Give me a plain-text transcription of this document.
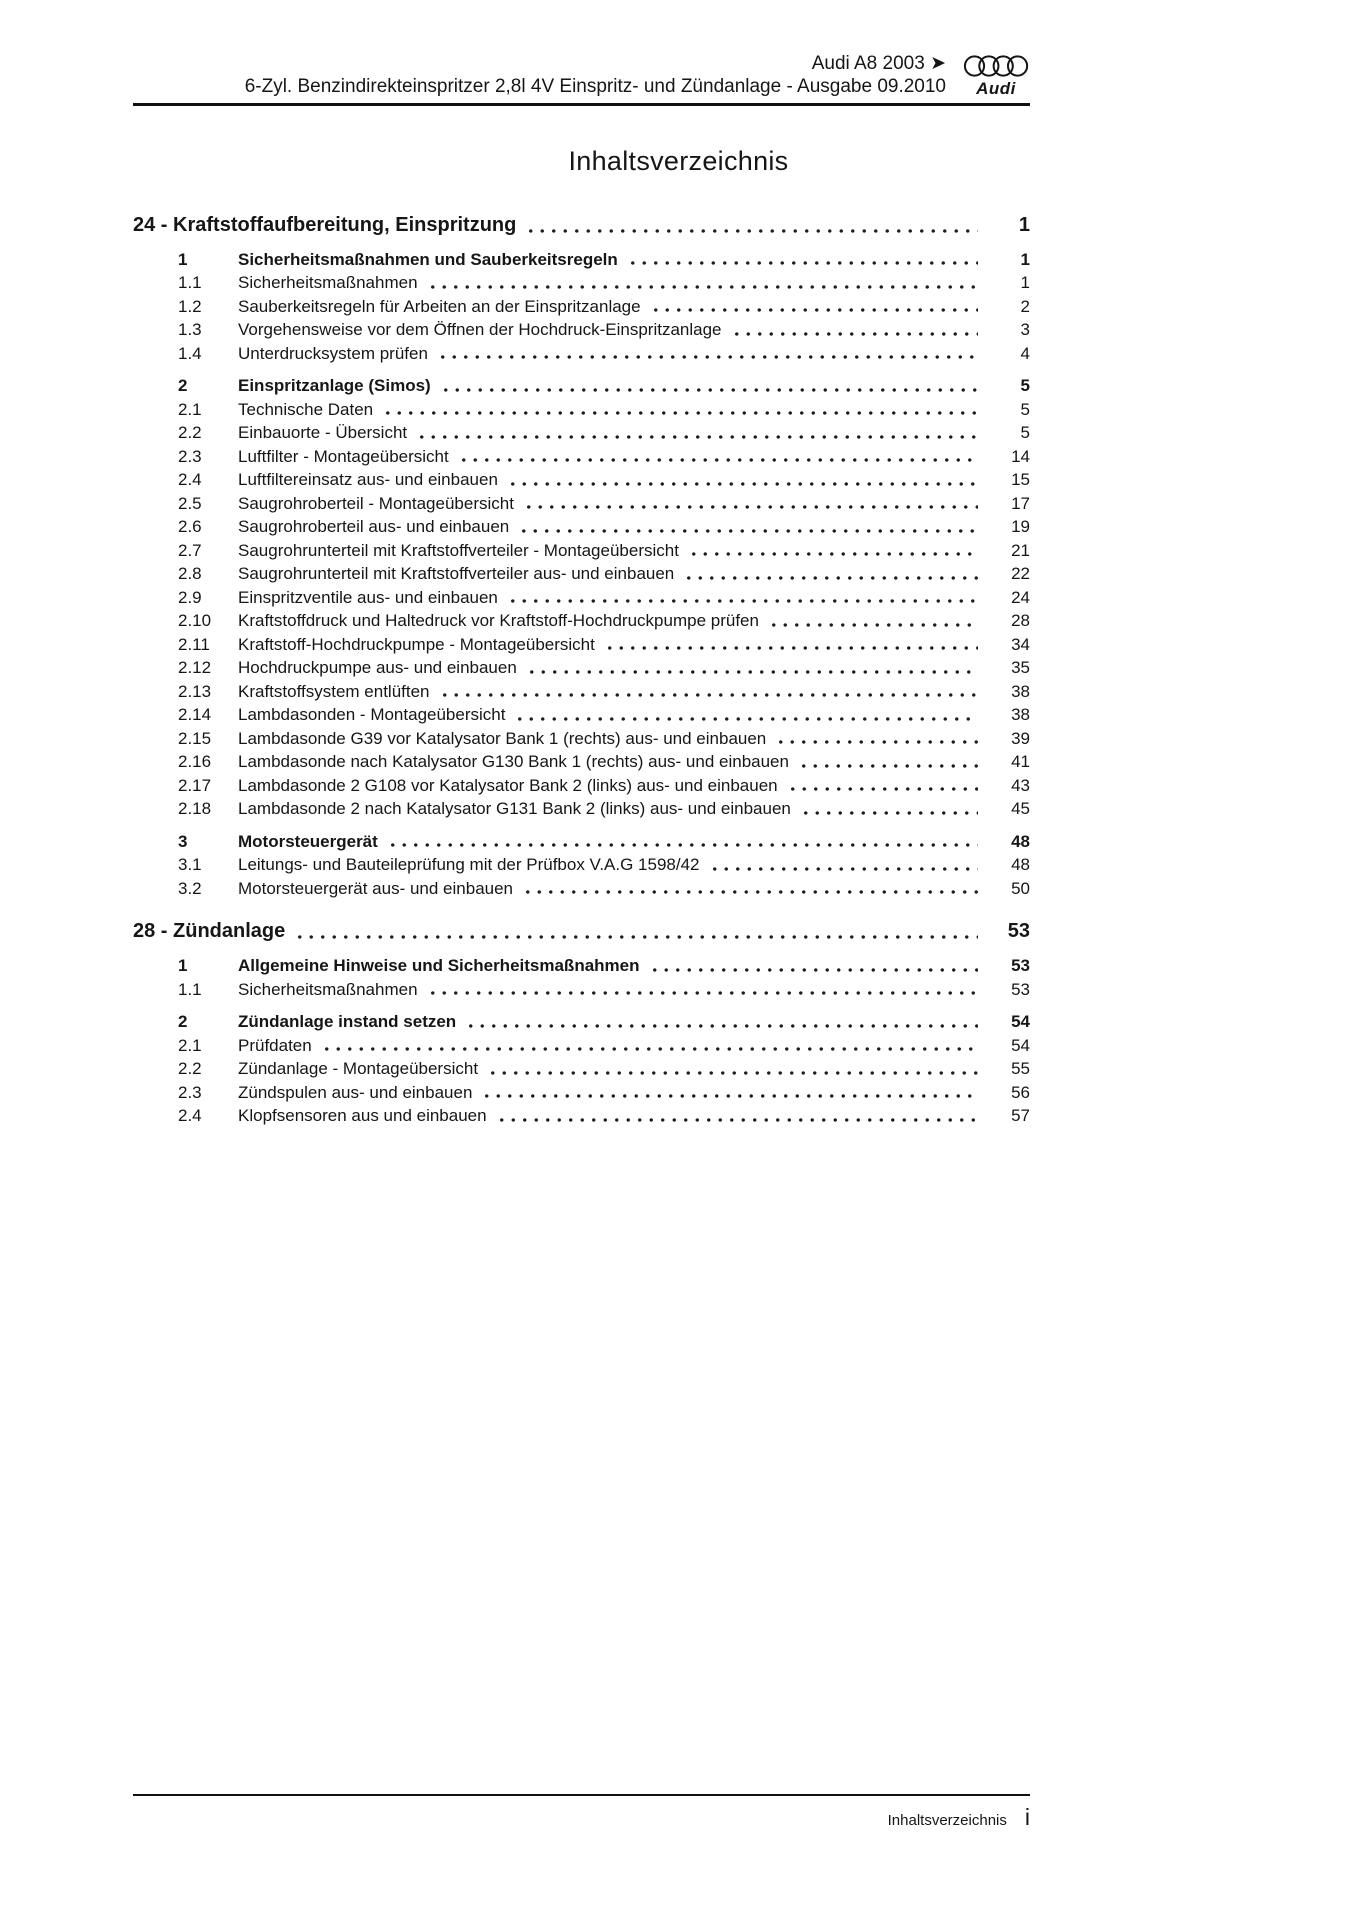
Audi A8 2003 ➤
6-Zyl. Benzindirekteinspritzer 2,8l 4V Einspritz- und Zündanlage - Ausgabe 09.2010 Audi
Inhaltsverzeichnis
24 - Kraftstoffaufbereitung, Einspritzung	1
1	Sicherheitsmaßnahmen und Sauberkeitsregeln	1
1.1	Sicherheitsmaßnahmen	1
1.2	Sauberkeitsregeln für Arbeiten an der Einspritzanlage	2
1.3	Vorgehensweise vor dem Öffnen der Hochdruck-Einspritzanlage	3
1.4	Unterdrucksystem prüfen	4
2	Einspritzanlage (Simos)	5
2.1	Technische Daten	5
2.2	Einbauorte - Übersicht	5
2.3	Luftfilter - Montageübersicht	14
2.4	Luftfiltereinsatz aus- und einbauen	15
2.5	Saugrohroberteil - Montageübersicht	17
2.6	Saugrohroberteil aus- und einbauen	19
2.7	Saugrohrunterteil mit Kraftstoffverteiler - Montageübersicht	21
2.8	Saugrohrunterteil mit Kraftstoffverteiler aus- und einbauen	22
2.9	Einspritzventile aus- und einbauen	24
2.10	Kraftstoffdruck und Haltedruck vor Kraftstoff-Hochdruckpumpe prüfen	28
2.11	Kraftstoff-Hochdruckpumpe - Montageübersicht	34
2.12	Hochdruckpumpe aus- und einbauen	35
2.13	Kraftstoffsystem entlüften	38
2.14	Lambdasonden - Montageübersicht	38
2.15	Lambdasonde G39 vor Katalysator Bank 1 (rechts) aus- und einbauen	39
2.16	Lambdasonde nach Katalysator G130 Bank 1 (rechts) aus- und einbauen	41
2.17	Lambdasonde 2 G108 vor Katalysator Bank 2 (links) aus- und einbauen	43
2.18	Lambdasonde 2 nach Katalysator G131 Bank 2 (links) aus- und einbauen	45
3	Motorsteuergerät	48
3.1	Leitungs- und Bauteileprüfung mit der Prüfbox V.A.G 1598/42	48
3.2	Motorsteuergerät aus- und einbauen	50
28 - Zündanlage	53
1	Allgemeine Hinweise und Sicherheitsmaßnahmen	53
1.1	Sicherheitsmaßnahmen	53
2	Zündanlage instand setzen	54
2.1	Prüfdaten	54
2.2	Zündanlage - Montageübersicht	55
2.3	Zündspulen aus- und einbauen	56
2.4	Klopfsensoren aus und einbauen	57
Inhaltsverzeichnis i
